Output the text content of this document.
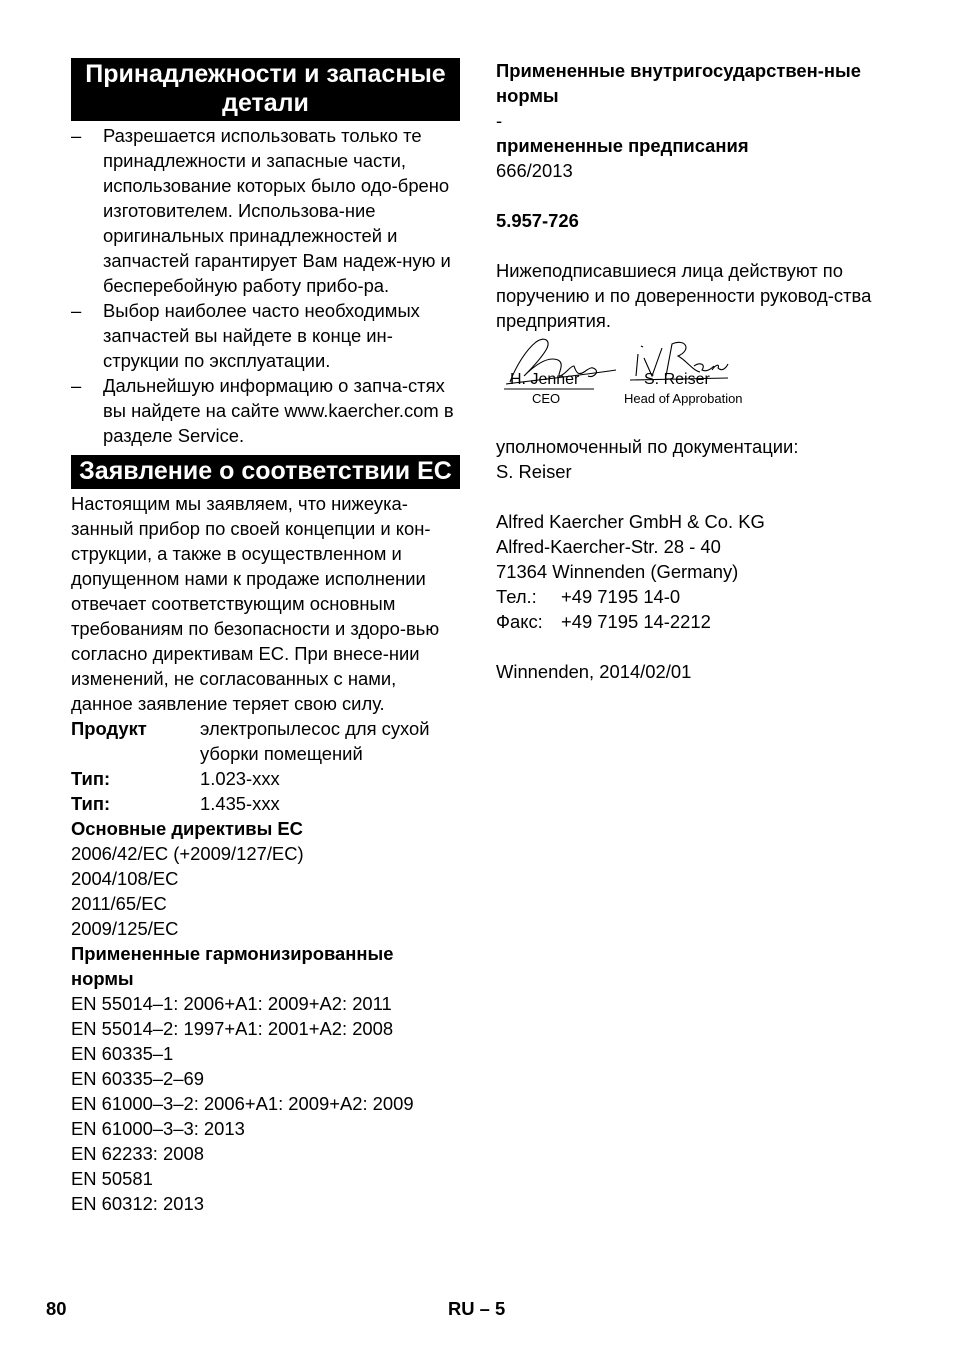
Принадлежности и запасные детали
– Разрешается использовать только те принадлежности и запасные части, использование которых было одо-брено изготовителем. Использова-ние оригинальных принадлежностей и запчастей гарантирует Вам надеж-ную и бесперебойную работу прибо-ра.
– Выбор наиболее часто необходимых запчастей вы найдете в конце ин-струкции по эксплуатации.
– Дальнейшую информацию о запча-стях вы найдете на сайте www.kaercher.com в разделе Service.
Заявление о соответствии ЕС
Настоящим мы заявляем, что нижеука-занный прибор по своей концепции и кон-струкции, а также в осуществленном и допущенном нами к продаже исполнении отвечает соответствующим основным требованиям по безопасности и здоро-вью согласно директивам ЕС. При внесе-нии изменений, не согласованных с нами, данное заявление теряет свою силу.
Продукт	электропылесос для сухой уборки помещений
Тип:	1.023-xxx
Тип:	1.435-xxx
Основные директивы ЕС
2006/42/EC (+2009/127/EC)
2004/108/EC
2011/65/EC
2009/125/EC
Примененные гармонизированные нормы
EN 55014–1: 2006+A1: 2009+A2: 2011
EN 55014–2: 1997+A1: 2001+A2: 2008
EN 60335–1
EN 60335–2–69
EN 61000–3–2: 2006+A1: 2009+A2: 2009
EN 61000–3–3: 2013
EN 62233: 2008
EN 50581
EN 60312: 2013
Примененные внутригосударствен-ные нормы
-
примененные предписания
666/2013
5.957-726
Нижеподписавшиеся лица действуют по поручению и по доверенности руковод-ства предприятия.
H. Jenner
CEO
S. Reiser
Head of Approbation
уполномоченный по документации:
S. Reiser
Alfred Kaercher GmbH & Co. KG
Alfred-Kaercher-Str. 28 - 40
71364 Winnenden (Germany)
Тел.:	+49 7195 14-0
Факс: +49 7195 14-2212
Winnenden, 2014/02/01
80	RU – 5
